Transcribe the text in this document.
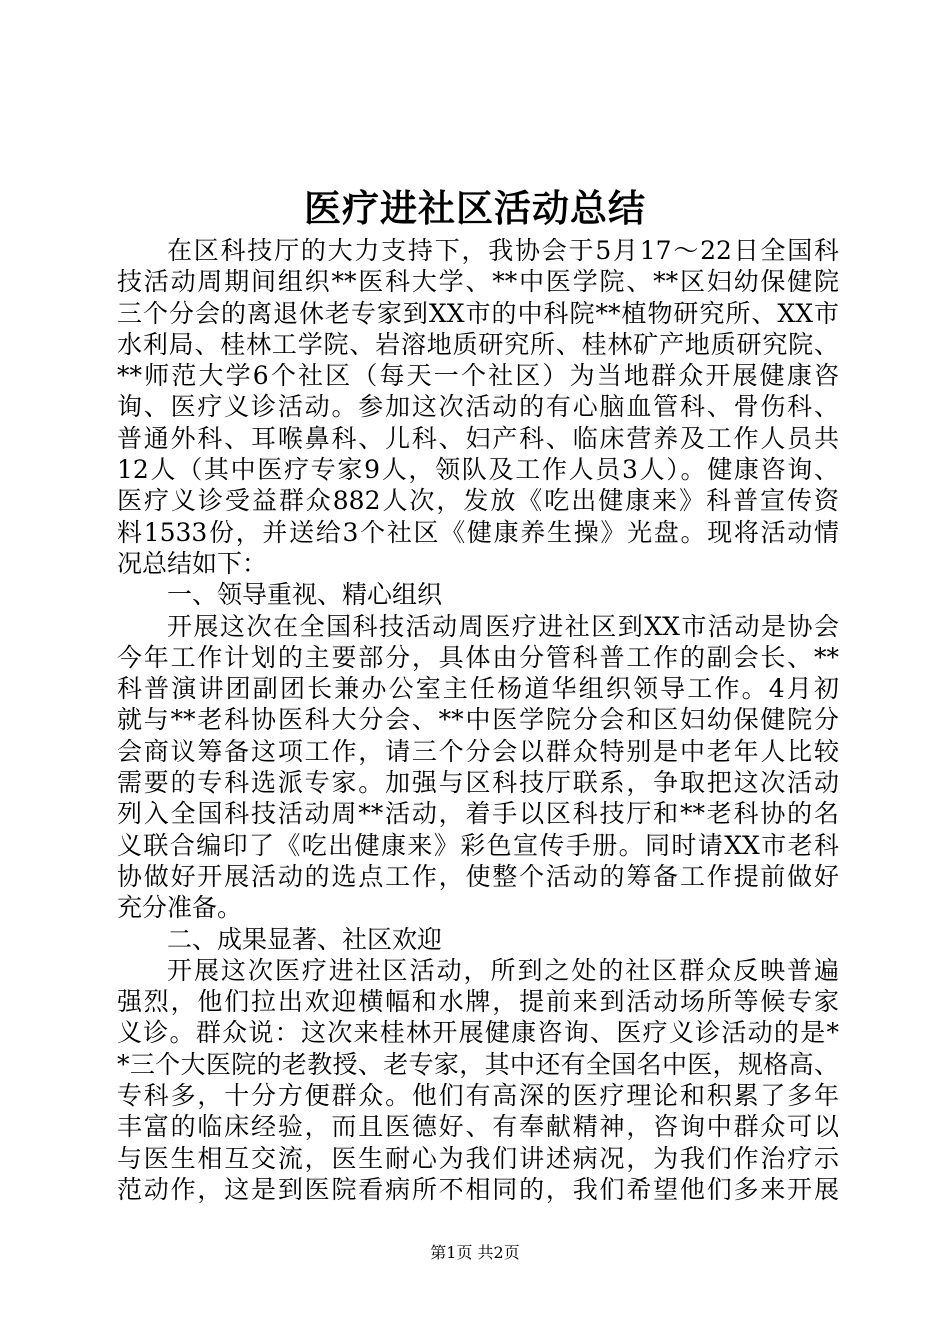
医疗进社区活动总结
在区科技厅的大力支持下，我协会于5月17～22日全国科
技活动周期间组织**医科大学、**中医学院、**区妇幼保健院
三个分会的离退休老专家到XX市的中科院**植物研究所、XX市
水利局、桂林工学院、岩溶地质研究所、桂林矿产地质研究院、
**师范大学6个社区（每天一个社区）为当地群众开展健康咨
询、医疗义诊活动。参加这次活动的有心脑血管科、骨伤科、
普通外科、耳喉鼻科、儿科、妇产科、临床营养及工作人员共
12人（其中医疗专家9人，领队及工作人员3人）。健康咨询、
医疗义诊受益群众882人次，发放《吃出健康来》科普宣传资
料1533份，并送给3个社区《健康养生操》光盘。现将活动情
况总结如下：
一、领导重视、精心组织
开展这次在全国科技活动周医疗进社区到XX市活动是协会
今年工作计划的主要部分，具体由分管科普工作的副会长、**
科普演讲团副团长兼办公室主任杨道华组织领导工作。4月初
就与**老科协医科大分会、**中医学院分会和区妇幼保健院分
会商议筹备这项工作，请三个分会以群众特别是中老年人比较
需要的专科选派专家。加强与区科技厅联系，争取把这次活动
列入全国科技活动周**活动，着手以区科技厅和**老科协的名
义联合编印了《吃出健康来》彩色宣传手册。同时请XX市老科
协做好开展活动的选点工作，使整个活动的筹备工作提前做好
充分准备。
二、成果显著、社区欢迎
开展这次医疗进社区活动，所到之处的社区群众反映普遍
强烈，他们拉出欢迎横幅和水牌，提前来到活动场所等候专家
义诊。群众说：这次来桂林开展健康咨询、医疗义诊活动的是*
*三个大医院的老教授、老专家，其中还有全国名中医，规格高、
专科多，十分方便群众。他们有高深的医疗理论和积累了多年
丰富的临床经验，而且医德好、有奉献精神，咨询中群众可以
与医生相互交流，医生耐心为我们讲述病况，为我们作治疗示
范动作，这是到医院看病所不相同的，我们希望他们多来开展
第1页 共2页
